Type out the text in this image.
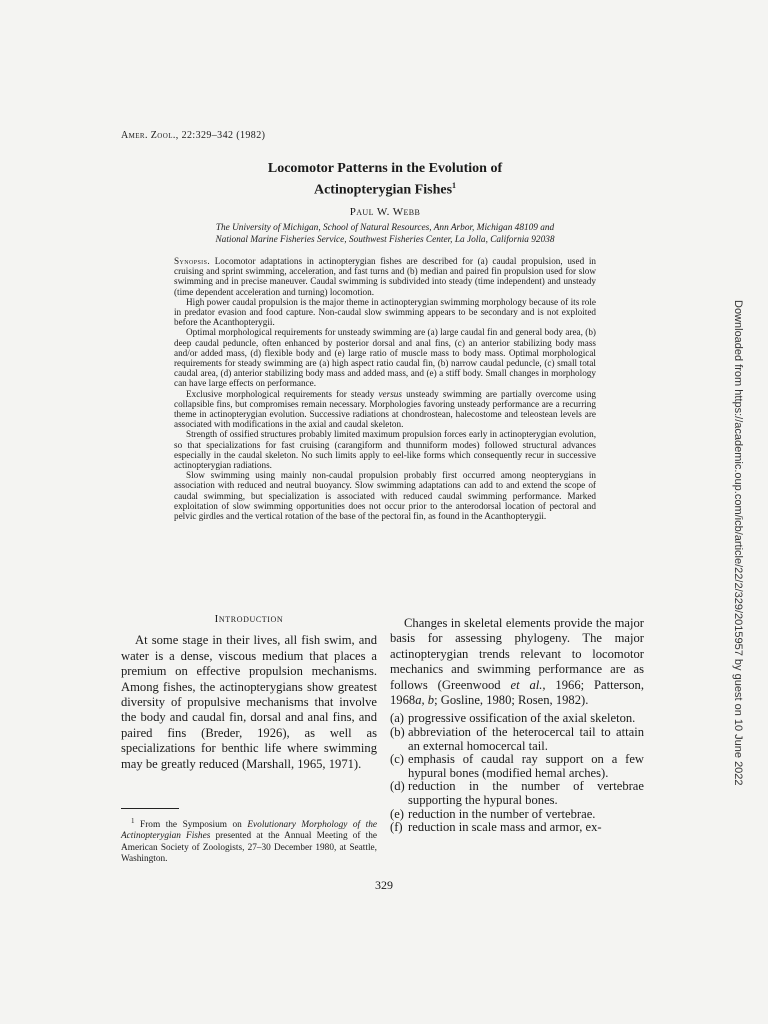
Amer. Zool., 22:329–342 (1982)
Locomotor Patterns in the Evolution of
Actinopterygian Fishes$^1$
Paul W. Webb
The University of Michigan, School of Natural Resources, Ann Arbor, Michigan 48109 and
National Marine Fisheries Service, Southwest Fisheries Center, La Jolla, California 92038

Synopsis. Locomotor adaptations in actinopterygian fishes are described for (a) caudal propulsion, used in cruising and sprint swimming, acceleration, and fast turns and (b) median and paired fin propulsion used for slow swimming and in precise maneuver. Caudal swimming is subdivided into steady (time independent) and unsteady (time dependent acceleration and turning) locomotion.

High power caudal propulsion is the major theme in actinopterygian swimming morphology because of its role in predator evasion and food capture. Non-caudal slow swimming appears to be secondary and is not exploited before the Acanthopterygii.

Optimal morphological requirements for unsteady swimming are (a) large caudal fin and general body area, (b) deep caudal peduncle, often enhanced by posterior dorsal and anal fins, (c) an anterior stabilizing body mass and/or added mass, (d) flexible body and (e) large ratio of muscle mass to body mass. Optimal morphological requirements for steady swimming are (a) high aspect ratio caudal fin, (b) narrow caudal peduncle, (c) small total caudal area, (d) anterior stabilizing body mass and added mass, and (e) a stiff body. Small changes in morphology can have large effects on performance.

Exclusive morphological requirements for steady versus unsteady swimming are partially overcome using collapsible fins, but compromises remain necessary. Morphologies favoring unsteady performance are a recurring theme in actinopterygian evolution. Successive radiations at chondrostean, halecostome and teleostean levels are associated with modifications in the axial and caudal skeleton.

Strength of ossified structures probably limited maximum propulsion forces early in actinopterygian evolution, so that specializations for fast cruising (carangiform and thunniform modes) followed structural advances especially in the caudal skeleton. No such limits apply to eel-like forms which consequently recur in successive actinopterygian radiations.

Slow swimming using mainly non-caudal propulsion probably first occurred among neopterygians in association with reduced and neutral buoyancy. Slow swimming adaptations can add to and extend the scope of caudal swimming, but specialization is associated with reduced caudal swimming performance. Marked exploitation of slow swimming opportunities does not occur prior to the anterodorsal location of pectoral and pelvic girdles and the vertical rotation of the base of the pectoral fin, as found in the Acanthopterygii.

Introduction

At some stage in their lives, all fish swim, and water is a dense, viscous medium that places a premium on effective propulsion mechanisms. Among fishes, the actinopterygians show greatest diversity of propulsive mechanisms that involve the body and caudal fin, dorsal and anal fins, and paired fins (Breder, 1926), as well as specializations for benthic life where swimming may be greatly reduced (Marshall, 1965, 1971).

Changes in skeletal elements provide the major basis for assessing phylogeny. The major actinopterygian trends relevant to locomotor mechanics and swimming performance are as follows (Greenwood et al., 1966; Patterson, 1968a, b; Gosline, 1980; Rosen, 1982).

(a) progressive ossification of the axial skeleton.
(b) abbreviation of the heterocercal tail to attain an external homocercal tail.
(c) emphasis of caudal ray support on a few hypural bones (modified hemal arches).
(d) reduction in the number of vertebrae supporting the hypural bones.
(e) reduction in the number of vertebrae.
(f) reduction in scale mass and armor, ex-

$^1$ From the Symposium on Evolutionary Morphology of the Actinopterygian Fishes presented at the Annual Meeting of the American Society of Zoologists, 27–30 December 1980, at Seattle, Washington.

329
Downloaded from https://academic.oup.com/icb/article/22/2/329/2015957 by guest on 10 June 2022
